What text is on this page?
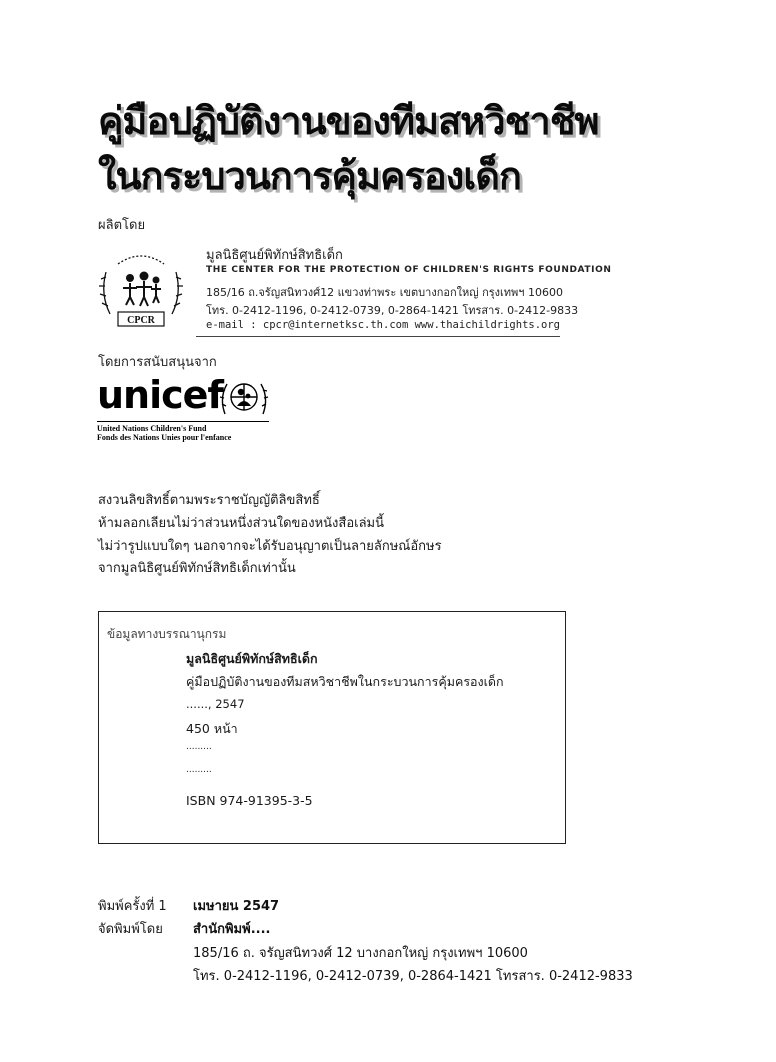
คู่มือปฏิบัติงานของทีมสหวิชาชีพ
ในกระบวนการคุ้มครองเด็ก
ผลิตโดย
CPCR
มูลนิธิศูนย์พิทักษ์สิทธิเด็ก
THE CENTER FOR THE PROTECTION OF CHILDREN'S RIGHTS FOUNDATION
185/16 ถ.จรัญสนิทวงศ์12 แขวงท่าพระ เขตบางกอกใหญ่ กรุงเทพฯ 10600
โทร. 0-2412-1196, 0-2412-0739, 0-2864-1421 โทรสาร. 0-2412-9833
e-mail : cpcr@internetksc.th.com www.thaichildrights.org
โดยการสนับสนุนจาก
unicef
United Nations Children's Fund
Fonds des Nations Unies pour l'enfance
สงวนลิขสิทธิ์ตามพระราชบัญญัติลิขสิทธิ์
ห้ามลอกเลียนไม่ว่าส่วนหนึ่งส่วนใดของหนังสือเล่มนี้
ไม่ว่ารูปแบบใดๆ นอกจากจะได้รับอนุญาตเป็นลายลักษณ์อักษร
จากมูลนิธิศูนย์พิทักษ์สิทธิเด็กเท่านั้น
ข้อมูลทางบรรณานุกรม
มูลนิธิศูนย์พิทักษ์สิทธิเด็ก
คู่มือปฏิบัติงานของทีมสหวิชาชีพในกระบวนการคุ้มครองเด็ก
......, 2547
450 หน้า
.........
.........
ISBN 974-91395-3-5
พิมพ์ครั้งที่ 1 เมษายน 2547
จัดพิมพ์โดย สำนักพิมพ์....
185/16 ถ. จรัญสนิทวงศ์ 12 บางกอกใหญ่ กรุงเทพฯ 10600
โทร. 0-2412-1196, 0-2412-0739, 0-2864-1421 โทรสาร. 0-2412-9833
